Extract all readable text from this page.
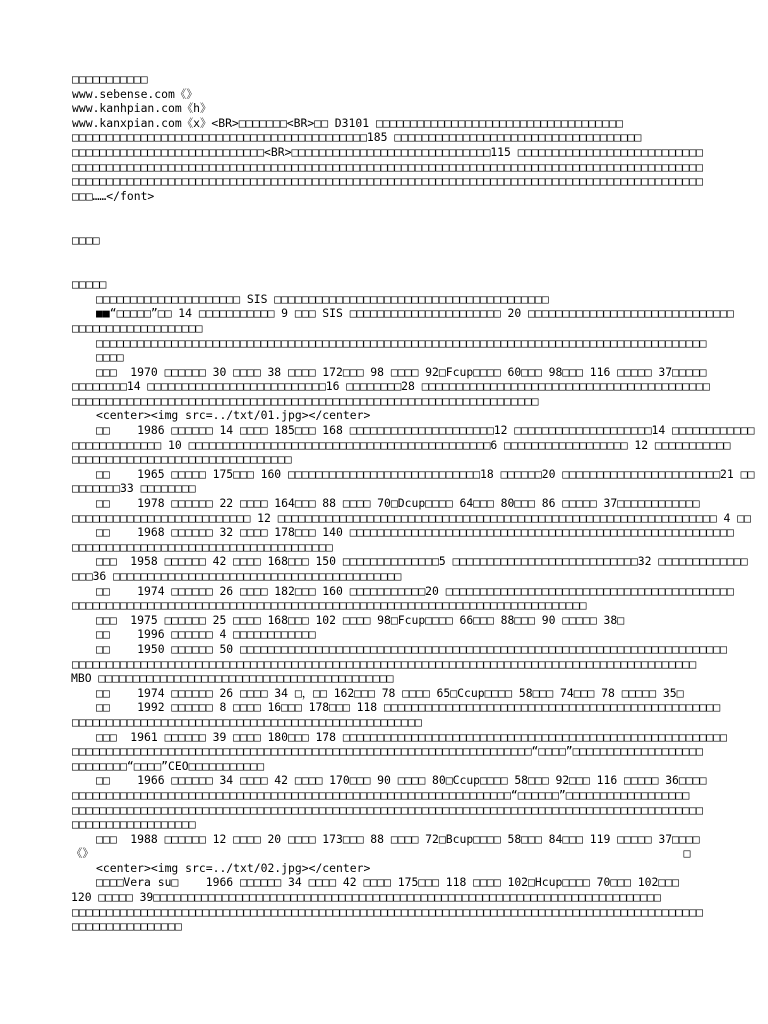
□□□□□□□□□□□
www.sebense.com《》
www.kanhpian.com《h》
www.kanxpian.com《x》<BR>□□□□□□□<BR>□□ D3101 □□□□□□□□□□□□□□□□□□□□□□□□□□□□□□□□□□□□
□□□□□□□□□□□□□□□□□□□□□□□□□□□□□□□□□□□□□□□□□□□185 □□□□□□□□□□□□□□□□□□□□□□□□□□□□□□□□□□□□
□□□□□□□□□□□□□□□□□□□□□□□□□□□□<BR>□□□□□□□□□□□□□□□□□□□□□□□□□□□□□115 □□□□□□□□□□□□□□□□□□□□□□□□□□□
□□□□□□□□□□□□□□□□□□□□□□□□□□□□□□□□□□□□□□□□□□□□□□□□□□□□□□□□□□□□□□□□□□□□□□□□□□□□□□□□□□□□□□□□□□□□
□□□□□□□□□□□□□□□□□□□□□□□□□□□□□□□□□□□□□□□□□□□□□□□□□□□□□□□□□□□□□□□□□□□□□□□□□□□□□□□□□□□□□□□□□□□□
□□□……</font>
□□□□
□□□□□
□□□□□□□□□□□□□□□□□□□□□ SIS □□□□□□□□□□□□□□□□□□□□□□□□□□□□□□□□□□□□□□□□
■■“□□□□□”□□ 14 □□□□□□□□□□□ 9 □□□ SIS □□□□□□□□□□□□□□□□□□□□□□ 20 □□□□□□□□□□□□□□□□□□□□□□□□□□□□□□
□□□□□□□□□□□□□□□□□□□
□□□□□□□□□□□□□□□□□□□□□□□□□□□□□□□□□□□□□□□□□□□□□□□□□□□□□□□□□□□□□□□□□□□□□□□□□□□□□□□□□□□□□□□□□
□□□□
□□□  1970 □□□□□□ 30 □□□□ 38 □□□□ 172□□□ 98 □□□□ 92□Fcup□□□□ 60□□□ 98□□□ 116 □□□□□ 37□□□□□
□□□□□□□□14 □□□□□□□□□□□□□□□□□□□□□□□□□□16 □□□□□□□□28 □□□□□□□□□□□□□□□□□□□□□□□□□□□□□□□□□□□□□□□□□□
□□□□□□□□□□□□□□□□□□□□□□□□□□□□□□□□□□□□□□□□□□□□□□□□□□□□□□□□□□□□□□□□□□□□
<center><img src=../txt/01.jpg></center>
□□    1986 □□□□□□ 14 □□□□ 185□□□ 168 □□□□□□□□□□□□□□□□□□□□□12 □□□□□□□□□□□□□□□□□□□□14 □□□□□□□□□□□□
□□□□□□□□□□□□□ 10 □□□□□□□□□□□□□□□□□□□□□□□□□□□□□□□□□□□□□□□□□□□□6 □□□□□□□□□□□□□□□□□□ 12 □□□□□□□□□□□
□□□□□□□□□□□□□□□□□□□□□□□□□□□□□□□□
□□    1965 □□□□□ 175□□□ 160 □□□□□□□□□□□□□□□□□□□□□□□□□□□□18 □□□□□□20 □□□□□□□□□□□□□□□□□□□□□□□21 □□
□□□□□□□33 □□□□□□□□
□□    1978 □□□□□□ 22 □□□□ 164□□□ 88 □□□□ 70□Dcup□□□□ 64□□□ 80□□□ 86 □□□□□ 37□□□□□□□□□□□□
□□□□□□□□□□□□□□□□□□□□□□□□□□ 12 □□□□□□□□□□□□□□□□□□□□□□□□□□□□□□□□□□□□□□□□□□□□□□□□□□□□□□□□□□□□□□□□ 4 □□
□□    1968 □□□□□□ 32 □□□□ 178□□□ 140 □□□□□□□□□□□□□□□□□□□□□□□□□□□□□□□□□□□□□□□□□□□□□□□□□□□□□□□□
□□□□□□□□□□□□□□□□□□□□□□□□□□□□□□□□□□□□□□
□□□  1958 □□□□□□ 42 □□□□ 168□□□ 150 □□□□□□□□□□□□□□5 □□□□□□□□□□□□□□□□□□□□□□□□□□□32 □□□□□□□□□□□□□
□□□36 □□□□□□□□□□□□□□□□□□□□□□□□□□□□□□□□□□□□□□□□□□
□□    1974 □□□□□□ 26 □□□□ 182□□□ 160 □□□□□□□□□□□20 □□□□□□□□□□□□□□□□□□□□□□□□□□□□□□□□□□□□□□□□□□
□□□□□□□□□□□□□□□□□□□□□□□□□□□□□□□□□□□□□□□□□□□□□□□□□□□□□□□□□□□□□□□□□□□□□□□□□□□
□□□  1975 □□□□□□ 25 □□□□ 168□□□ 102 □□□□ 98□Fcup□□□□ 66□□□ 88□□□ 90 □□□□□ 38□
□□    1996 □□□□□□ 4 □□□□□□□□□□□□
□□    1950 □□□□□□ 50 □□□□□□□□□□□□□□□□□□□□□□□□□□□□□□□□□□□□□□□□□□□□□□□□□□□□□□□□□□□□□□□□□□□□□□□
□□□□□□□□□□□□□□□□□□□□□□□□□□□□□□□□□□□□□□□□□□□□□□□□□□□□□□□□□□□□□□□□□□□□□□□□□□□□□□□□□□□□□□□□□□□
MBO □□□□□□□□□□□□□□□□□□□□□□□□□□□□□□□□□□□□□□□□□□□
□□    1974 □□□□□□ 26 □□□□ 34 □，□□ 162□□□ 78 □□□□ 65□Ccup□□□□ 58□□□ 74□□□ 78 □□□□□ 35□
□□    1992 □□□□□□ 8 □□□□ 16□□□ 178□□□ 118 □□□□□□□□□□□□□□□□□□□□□□□□□□□□□□□□□□□□□□□□□□□□□□□□□
□□□□□□□□□□□□□□□□□□□□□□□□□□□□□□□□□□□□□□□□□□□□□□□□□□□
□□□  1961 □□□□□□ 39 □□□□ 180□□□ 178 □□□□□□□□□□□□□□□□□□□□□□□□□□□□□□□□□□□□□□□□□□□□□□□□□□□□□□□□
□□□□□□□□□□□□□□□□□□□□□□□□□□□□□□□□□□□□□□□□□□□□□□□□□□□□□□□□□□□□□□□□□□□“□□□□”□□□□□□□□□□□□□□□□□□□
□□□□□□□□“□□□□”CEO□□□□□□□□□□□
□□    1966 □□□□□□ 34 □□□□ 42 □□□□ 170□□□ 90 □□□□ 80□Ccup□□□□ 58□□□ 92□□□ 116 □□□□□ 36□□□□
□□□□□□□□□□□□□□□□□□□□□□□□□□□□□□□□□□□□□□□□□□□□□□□□□□□□□□□□□□□□□□□□“□□□□□□”□□□□□□□□□□□□□□□□□□
□□□□□□□□□□□□□□□□□□□□□□□□□□□□□□□□□□□□□□□□□□□□□□□□□□□□□□□□□□□□□□□□□□□□□□□□□□□□□□□□□□□□□□□□□□□□
□□□□□□□□□□□□□□□□□□
□□□  1988 □□□□□□ 12 □□□□ 20 □□□□ 173□□□ 88 □□□□ 72□Bcup□□□□ 58□□□ 84□□□ 119 □□□□□ 37□□□□
《》                                                                                      □
<center><img src=../txt/02.jpg></center>
□□□□Vera su□    1966 □□□□□□ 34 □□□□ 42 □□□□ 175□□□ 118 □□□□ 102□Hcup□□□□ 70□□□ 102□□□
120 □□□□□ 39□□□□□□□□□□□□□□□□□□□□□□□□□□□□□□□□□□□□□□□□□□□□□□□□□□□□□□□□□□□□□□□□□□□□□□□□□□
□□□□□□□□□□□□□□□□□□□□□□□□□□□□□□□□□□□□□□□□□□□□□□□□□□□□□□□□□□□□□□□□□□□□□□□□□□□□□□□□□□□□□□□□□□□□
□□□□□□□□□□□□□□□□
